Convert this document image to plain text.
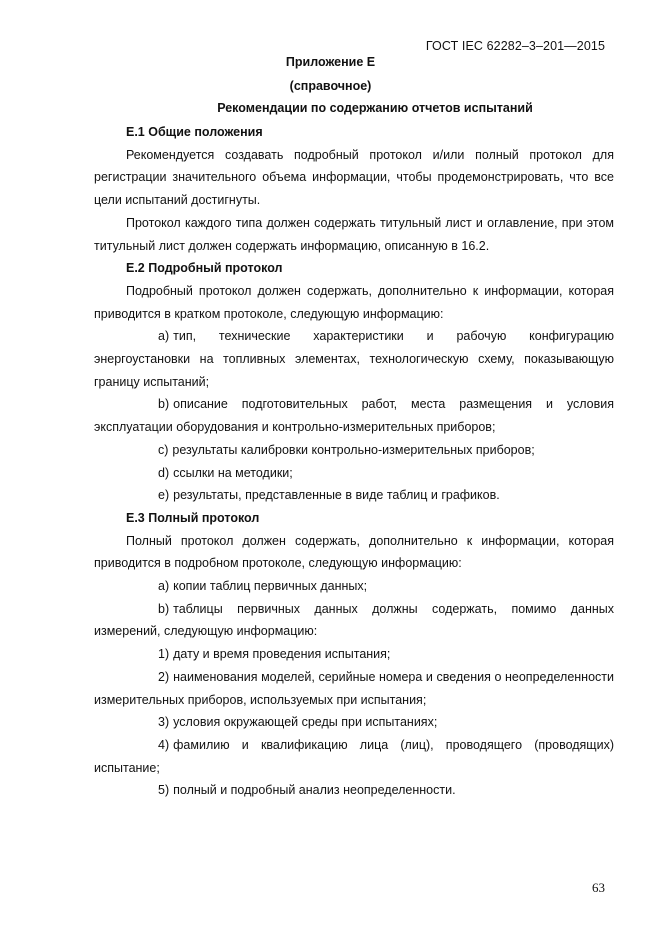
ГОСТ IEC 62282–3–201—2015
Приложение Е
(справочное)
Рекомендации по содержанию отчетов испытаний
Е.1 Общие положения

Рекомендуется создавать подробный протокол и/или полный протокол для регистрации значительного объема информации, чтобы продемонстрировать, что все цели испытаний достигнуты.

Протокол каждого типа должен содержать титульный лист и оглавление, при этом титульный лист должен содержать информацию, описанную в 16.2.

Е.2 Подробный протокол

Подробный протокол должен содержать, дополнительно к информации, которая приводится в кратком протоколе, следующую информацию:

a) тип, технические характеристики и рабочую конфигурацию энергоустановки на топливных элементах, технологическую схему, показывающую границу испытаний;

b) описание подготовительных работ, места размещения и условия эксплуатации оборудования и контрольно-измерительных приборов;

c) результаты калибровки контрольно-измерительных приборов;

d) ссылки на методики;

e) результаты, представленные в виде таблиц и графиков.

Е.3 Полный протокол

Полный протокол должен содержать, дополнительно к информации, которая приводится в подробном протоколе, следующую информацию:

a) копии таблиц первичных данных;

b) таблицы первичных данных должны содержать, помимо данных измерений, следующую информацию:

1) дату и время проведения испытания;

2) наименования моделей, серийные номера и сведения о неопределенности измерительных приборов, используемых при испытания;

3) условия окружающей среды при испытаниях;

4) фамилию и квалификацию лица (лиц), проводящего (проводящих) испытание;

5) полный и подробный анализ неопределенности.

63
